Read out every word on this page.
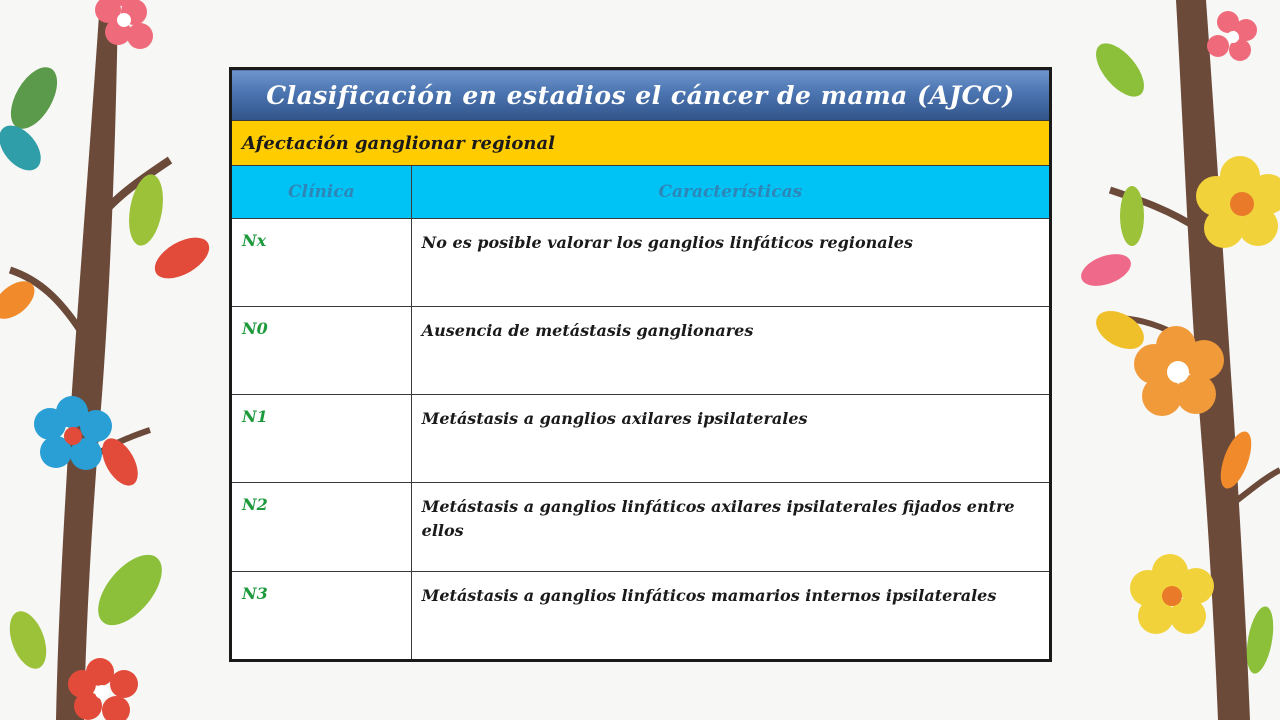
Clasificación en estadios el cáncer de mama (AJCC)	
Afectación ganglionar regional	
Clínica	Características
Nx	No es posible valorar los ganglios linfáticos regionales
N0	Ausencia de metástasis ganglionares
N1	Metástasis a ganglios axilares ipsilaterales
N2	Metástasis a ganglios linfáticos axilares ipsilaterales fijados entre ellos
N3	Metástasis a ganglios linfáticos mamarios internos ipsilaterales
